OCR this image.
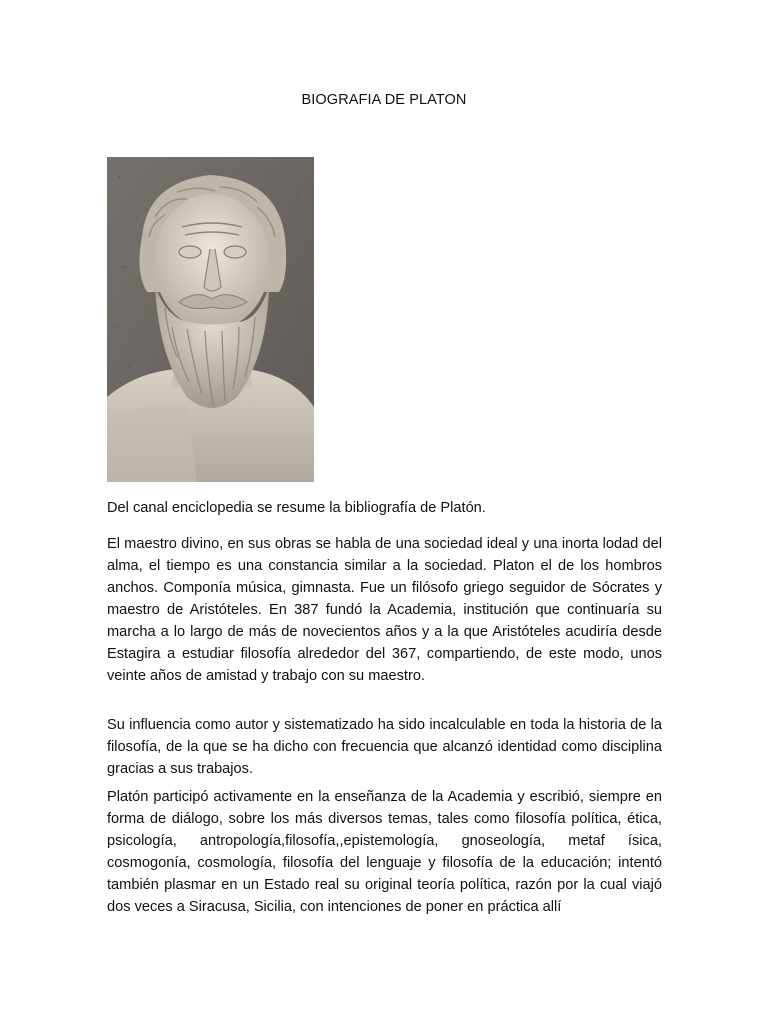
BIOGRAFIA DE PLATON
Del canal enciclopedia se resume la bibliografía de Platón.

El maestro divino, en sus obras se habla de una sociedad ideal y una inorta lodad del alma, el tiempo es una constancia similar a la sociedad. Platon el de los hombros anchos. Componía música, gimnasta. Fue un filósofo griego seguidor de Sócrates y maestro de Aristóteles. En 387 fundó la Academia, institución que continuaría su marcha a lo largo de más de novecientos años y a la que Aristóteles acudiría desde Estagira a estudiar filosofía alrededor del 367, compartiendo, de este modo, unos veinte años de amistad y trabajo con su maestro.

Su influencia como autor y sistematizado ha sido incalculable en toda la historia de la filosofía, de la que se ha dicho con frecuencia que alcanzó identidad como disciplina gracias a sus trabajos.

Platón participó activamente en la enseñanza de la Academia y escribió, siempre en forma de diálogo, sobre los más diversos temas, tales como filosofía política, ética, psicología, antropología,filosofía,,epistemología, gnoseología, metaf ísica, cosmogonía, cosmología, filosofía del lenguaje y filosofía de la educación; intentó también plasmar en un Estado real su original teoría política, razón por la cual viajó dos veces a Siracusa, Sicilia, con intenciones de poner en práctica allí
